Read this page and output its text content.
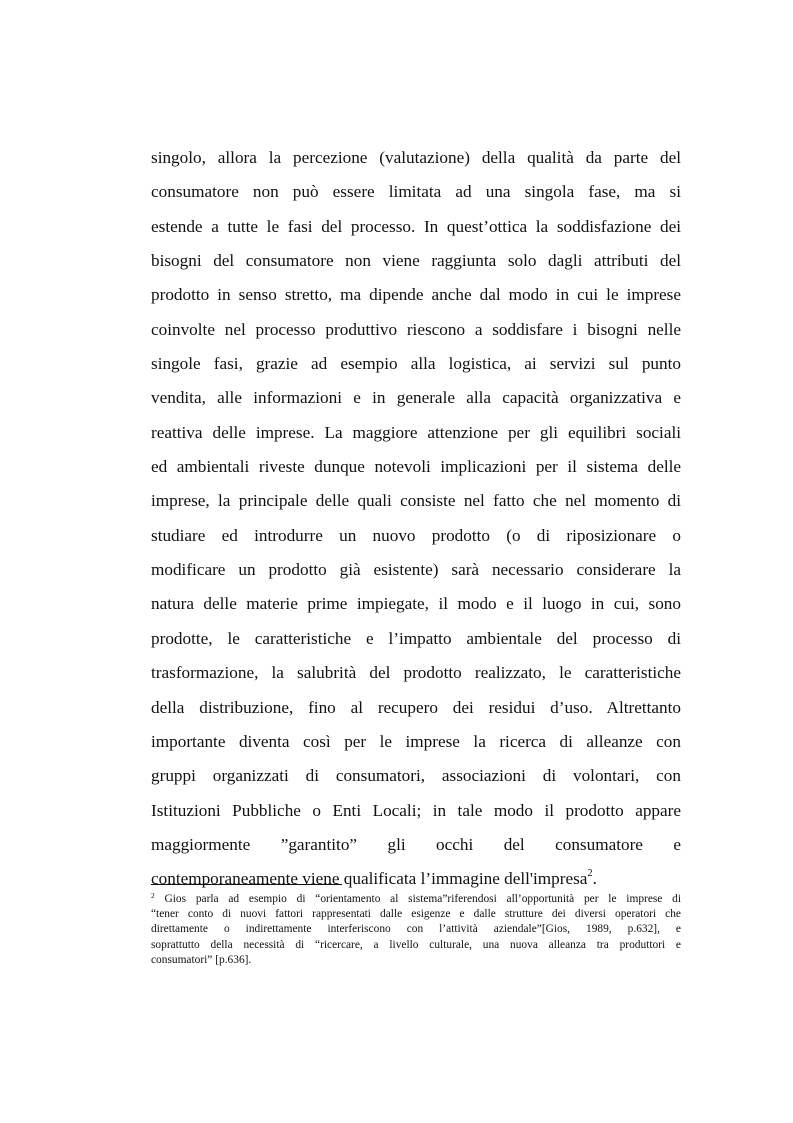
singolo, allora la percezione (valutazione) della qualità da parte del
consumatore non può essere limitata ad una singola fase, ma si
estende a tutte le fasi del processo. In quest’ottica la soddisfazione dei
bisogni del consumatore non viene raggiunta solo dagli attributi del
prodotto in senso stretto, ma dipende anche dal modo in cui le imprese
coinvolte nel processo produttivo riescono a soddisfare i bisogni nelle
singole fasi, grazie ad esempio alla logistica, ai servizi sul punto
vendita, alle informazioni e in generale alla capacità organizzativa e
reattiva delle imprese. La maggiore attenzione per gli equilibri sociali
ed ambientali riveste dunque notevoli implicazioni per il sistema delle
imprese, la principale delle quali consiste nel fatto che nel momento di
studiare ed introdurre un nuovo prodotto (o di riposizionare o
modificare un prodotto già esistente) sarà necessario considerare la
natura delle materie prime impiegate, il modo e il luogo in cui, sono
prodotte, le caratteristiche e l’impatto ambientale del processo di
trasformazione, la salubrità del prodotto realizzato, le caratteristiche
della distribuzione, fino al recupero dei residui d’uso. Altrettanto
importante diventa così per le imprese la ricerca di alleanze con
gruppi organizzati di consumatori, associazioni di volontari, con
Istituzioni Pubbliche o Enti Locali; in tale modo il prodotto appare
maggiormente ”garantito” gli occhi del consumatore e
contemporaneamente viene qualificata l’immagine dell'impresa$^2$.
$^2$ Gios parla ad esempio di “orientamento al sistema”riferendosi all’opportunità per le imprese di
“tener conto di nuovi fattori rappresentati dalle esigenze e dalle strutture dei diversi operatori che
direttamente o indirettamente interferiscono con l’attività aziendale”[Gios, 1989, p.632], e
soprattutto della necessità di “ricercare, a livello culturale, una nuova alleanza tra produttori e
consumatori” [p.636].
